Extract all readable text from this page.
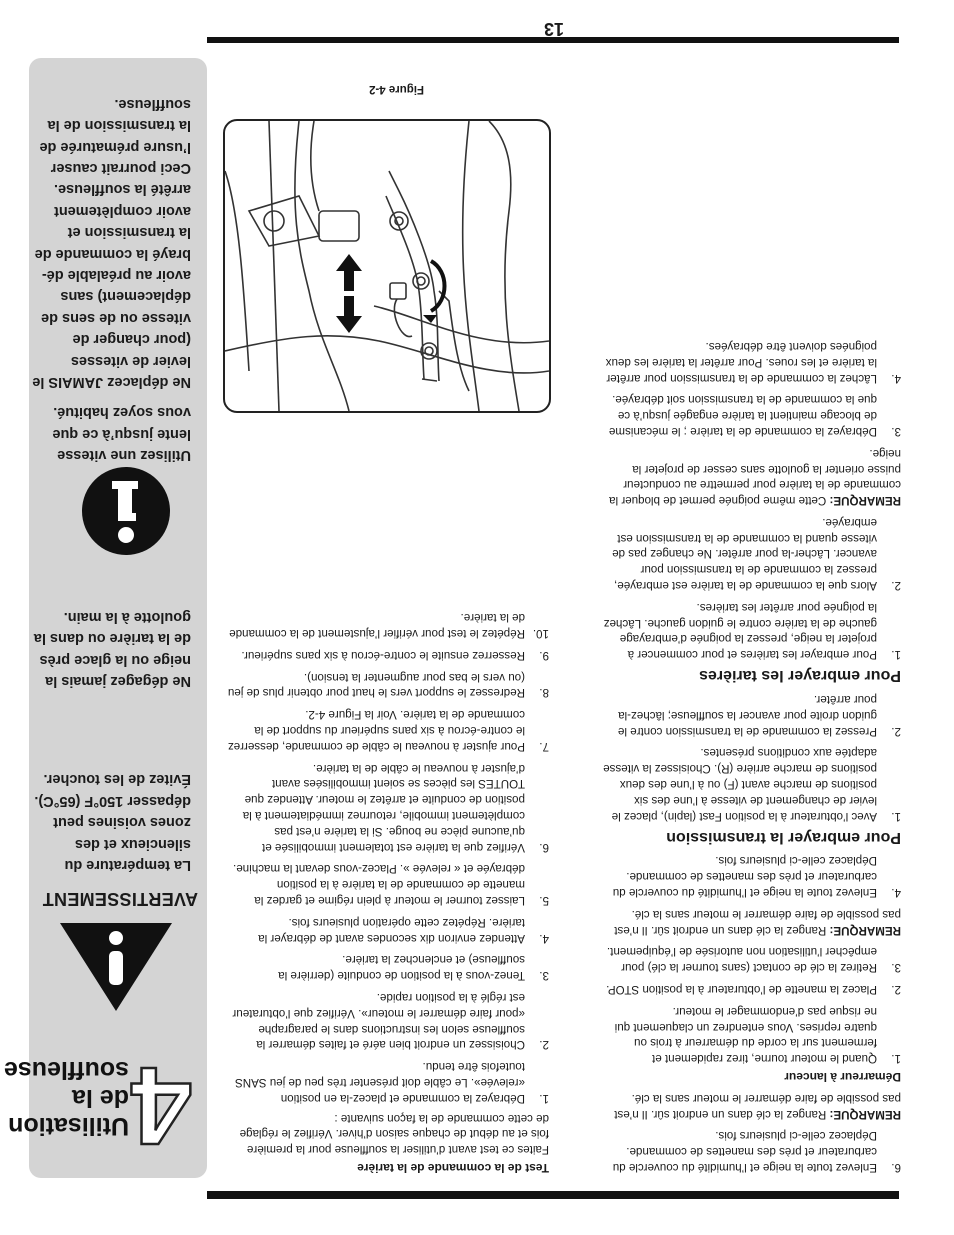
13
6.
Enlevez toute la neige et l’humidité du couvercle du carburateur et près des manettes de commande. Déplacez celle-ci plusieurs fois.

REMARQUE: Rangez la clé dans un endroit sûr. Il n’est pas possible de faire démarrer le moteur sans la clé.

Démarreur à lanceur
1.
Quand le moteur tourne, tirez rapidement et fermement sur la corde du démarreur à trois ou quatre reprises. Vous entendrez un claquement qui ne risque pas d’endommager le moteur.
2.
Placez la manette de l’obturateur à la position STOP.
3.
Retirez la clé de contact (sans tourner la clé) pour empêcher l’utilisation non autorisée de l’équipement.

REMARQUE: Rangez la clé dans un endroit sûr. Il n’est pas possible de faire démarrer le moteur sans la clé.

4.
Enlevez toute la neige et l’humidité du couvercle du carburateur et près des manettes de commande. Déplacez celle-ci plusieurs fois.
Pour embrayer la transmission
1.
Avec l’obturateur à la position Fast (lapin), placez le levier de changement de vitesse à l’une des six positions de marche avant (F) ou à l’une des deux positions de marche arrière (R). Choisissez la vitesse adaptée aux conditions présentes.
2.
Pressez la commande de la transmission contre le guidon droite pour avancer la souffleuse; lâchez-la pour arrêter.
Pour embrayer les tarières
1.
Pour embrayer les tarières et pour commencer à projeter la neige, pressez la poignée d’embrayage gauche de la tarière contre le guidon gauche. Lâchez la poignée pour arrêter les tarières.
2.
Alors que la commande de la tarière est embrayée, pressez la commande de la transmission pour avancer. Lâcher-la pour arrêter. Ne changez pas de vitesse quand la commande de la transmission est embrayée.

REMARQUE: Cette même poignée permet de bloquer la commande de la tarière pour permettre au conducteur puisse orienter la goulotte sans cesser de projeter la neige.

3.
Débrayez la commande de la tarière ; le mécanisme de blocage maintient la tarière engagée jusqu’à ce que la commande de la transmission soit débrayée.
4.
Lâchez la commande de la transmission pour arrêter la tarière et les roues. Pour arrêter la tarière les deux poignées doivent être débrayées.
Test de la commande de la tarière

Faites ce test avant d’utiliser la souffleuse pour la première fois et au début de chaque saison d’hiver. Vérifiez le réglage de cette commande de la façon suivante :

1.
Débrayez la commande et placez-la en position «relevée». Le câble doit présenter très peu de jeu SANS toutefois être tendu.
2.
Choisissez un endroit bien aéré et faites démarrer la souffleuse selon les instructions dans le paragraphe «pour faire démarrer le moteur». Vérifiez que l’obturateur est réglé à la position rapide.
3.
Tenez-vous à la position de conduite (derrière la souffleuse) et enclenchez la tarière.
4.
Attendez environ dix secondes avant de débrayer la tarière. Répétez cette opération plusieurs fois.
5.
Laissez tourner le moteur à plein régime et gardez la manette de commande de la tarière à la position débrayée et « relevée ». Placez-vous devant la machine.
6.
Vérifiez que la tarière est totalement immobilisée et qu’aucune pièce ne bouge. Si la tarière n’est pas complètement immobile, retournez immédiatement à la position de conduite et arrêtez le moteur. Attendez que TOUTES les pièces se soient immobilisées avant d’ajuster à nouveau le câble de la tarière.
7.
Pour ajuster à nouveau le câble de commande, desserrez le contre-écrou à six pans supérieur du support de la commande de la tarière. Voir la Figure 4-2.
8.
Redressez le support vers le haut pour obtenir plus de jeu (ou vers le bas pour augmenter la tension).
9.
Resserrez ensuite le contre-écrou à six pans supérieur.
10.
Répétez le test pour vérifier l’ajustement de la commande de la tarière.
Figure 4-2
4
Utilisation de la souffleuse
AVERTISSEMENT
La température du silencieux et des zones voisines peut dépasser 150°F (65°C). Évitez de les toucher.
Ne dégagez jamais la neige ou la glace près de la tarière ou dans la goulotte à la main.
Utilisez une vitesse lente jusqu’à ce que vous soyez habitué.
Ne déplacez JAMAIS le levier de vitesses (pour changer de vitesse ou de sens de déplacement) sans avoir au préalable dé-brayé la commande de la transmission et avoir complètement arrêté la souffleuse. Ceci pourrait causer l’usure prématurée de la transmission de la souffleuse.
